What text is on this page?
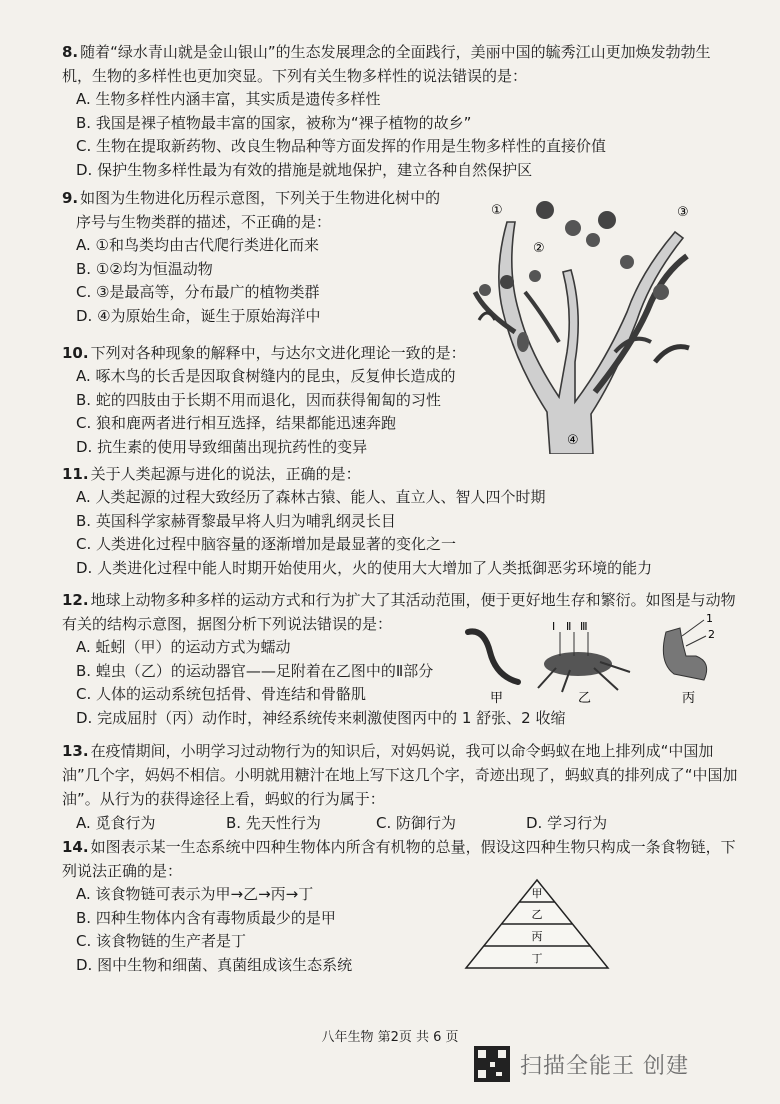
8. 随着“绿水青山就是金山银山”的生态发展理念的全面践行，美丽中国的毓秀江山更加焕发勃勃生机，生物的多样性也更加突显。下列有关生物多样性的说法错误的是：

A. 生物多样性内涵丰富，其实质是遗传多样性

B. 我国是裸子植物最丰富的国家，被称为“裸子植物的故乡”

C. 生物在提取新药物、改良生物品种等方面发挥的作用是生物多样性的直接价值

D. 保护生物多样性最为有效的措施是就地保护，建立各种自然保护区

9. 如图为生物进化历程示意图，下列关于生物进化树中的

序号与生物类群的描述，不正确的是：

A. ①和鸟类均由古代爬行类进化而来

B. ①②均为恒温动物

C. ③是最高等，分布最广的植物类群

D. ④为原始生命，诞生于原始海洋中

①
②
③
④

10. 下列对各种现象的解释中，与达尔文进化理论一致的是：

A. 啄木鸟的长舌是因取食树缝内的昆虫，反复伸长造成的

B. 蛇的四肢由于长期不用而退化，因而获得匍匐的习性

C. 狼和鹿两者进行相互选择，结果都能迅速奔跑

D. 抗生素的使用导致细菌出现抗药性的变异

11. 关于人类起源与进化的说法，正确的是：

A. 人类起源的过程大致经历了森林古猿、能人、直立人、智人四个时期

B. 英国科学家赫胥黎最早将人归为哺乳纲灵长目

C. 人类进化过程中脑容量的逐渐增加是最显著的变化之一

D. 人类进化过程中能人时期开始使用火，火的使用大大增加了人类抵御恶劣环境的能力

12. 地球上动物多种多样的运动方式和行为扩大了其活动范围，便于更好地生存和繁衍。如图是与动物有关的结构示意图，据图分析下列说法错误的是：

A. 蚯蚓（甲）的运动方式为蠕动

B. 蝗虫（乙）的运动器官——足附着在乙图中的Ⅱ部分

C. 人体的运动系统包括骨、骨连结和骨骼肌

D. 完成屈肘（丙）动作时，神经系统传来刺激使图丙中的 1 舒张、2 收缩

甲
Ⅰ Ⅱ Ⅲ
乙
1
2
丙

13. 在疫情期间，小明学习过动物行为的知识后，对妈妈说，我可以命令蚂蚁在地上排列成“中国加油”几个字，妈妈不相信。小明就用糖汁在地上写下这几个字，奇迹出现了，蚂蚁真的排列成了“中国加油”。从行为的获得途径上看，蚂蚁的行为属于：

A. 觅食行为	B. 先天性行为	C. 防御行为	D. 学习行为

14. 如图表示某一生态系统中四种生物体内所含有机物的总量，假设这四种生物只构成一条食物链，下列说法正确的是：

A. 该食物链可表示为甲→乙→丙→丁

B. 四种生物体内含有毒物质最少的是甲

C. 该食物链的生产者是丁

D. 图中生物和细菌、真菌组成该生态系统

甲
乙
丙
丁
八年生物 第2页 共 6 页
扫描全能王 创建
